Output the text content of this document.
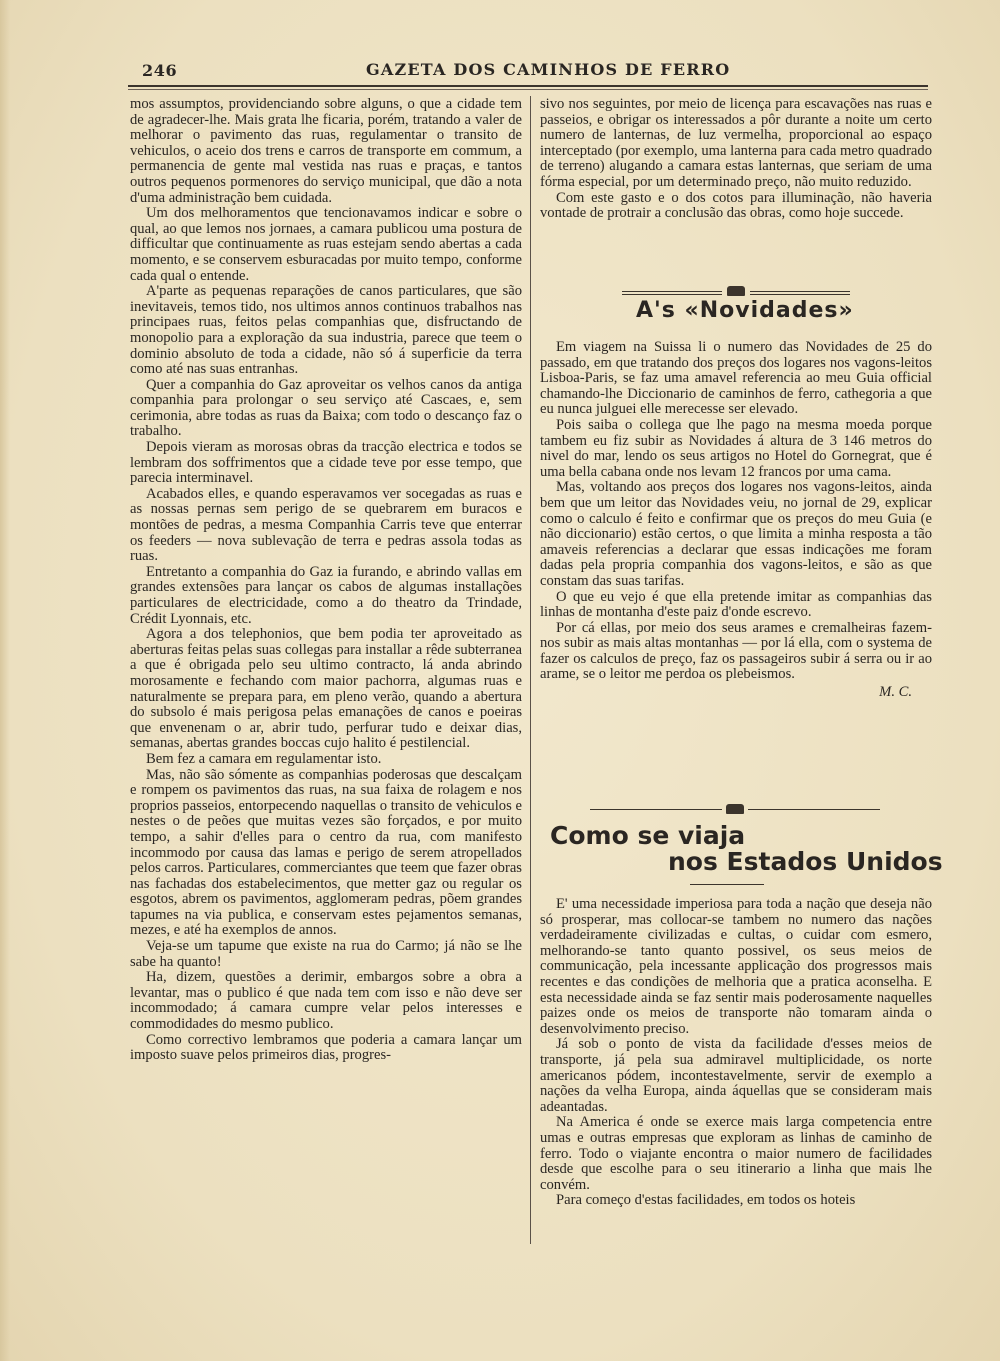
246	GAZETA DOS CAMINHOS DE FERRO

mos assumptos, providenciando sobre alguns, o que a cidade tem de agradecer-lhe. Mais grata lhe ficaria, porém, tratando a valer de melhorar o pavimento das ruas, regulamentar o transito de vehiculos, o aceio dos trens e carros de transporte em commum, a permanencia de gente mal vestida nas ruas e praças, e tantos outros pequenos pormenores do serviço municipal, que dão a nota d'uma administração bem cuidada.

Um dos melhoramentos que tencionavamos indicar e sobre o qual, ao que lemos nos jornaes, a camara publicou uma postura de difficultar que continuamente as ruas estejam sendo abertas a cada momento, e se conservem esburacadas por muito tempo, conforme cada qual o entende.

A'parte as pequenas reparações de canos particulares, que são inevitaveis, temos tido, nos ultimos annos continuos trabalhos nas principaes ruas, feitos pelas companhias que, disfructando de monopolio para a exploração da sua industria, parece que teem o dominio absoluto de toda a cidade, não só á superficie da terra como até nas suas entranhas.

Quer a companhia do Gaz aproveitar os velhos canos da antiga companhia para prolongar o seu serviço até Cascaes, e, sem cerimonia, abre todas as ruas da Baixa; com todo o descanço faz o trabalho.

Depois vieram as morosas obras da tracção electrica e todos se lembram dos soffrimentos que a cidade teve por esse tempo, que parecia interminavel.

Acabados elles, e quando esperavamos ver socegadas as ruas e as nossas pernas sem perigo de se quebrarem em buracos e montões de pedras, a mesma Companhia Carris teve que enterrar os feeders — nova sublevação de terra e pedras assola todas as ruas.

Entretanto a companhia do Gaz ia furando, e abrindo vallas em grandes extensões para lançar os cabos de algumas installações particulares de electricidade, como a do theatro da Trindade, Crédit Lyonnais, etc.

Agora a dos telephonios, que bem podia ter aproveitado as aberturas feitas pelas suas collegas para installar a rêde subterranea a que é obrigada pelo seu ultimo contracto, lá anda abrindo morosamente e fechando com maior pachorra, algumas ruas e naturalmente se prepara para, em pleno verão, quando a abertura do subsolo é mais perigosa pelas emanações de canos e poeiras que envenenam o ar, abrir tudo, perfurar tudo e deixar dias, semanas, abertas grandes boccas cujo halito é pestilencial.

Bem fez a camara em regulamentar isto.

Mas, não são sómente as companhias poderosas que descalçam e rompem os pavimentos das ruas, na sua faixa de rolagem e nos proprios passeios, entorpecendo naquellas o transito de vehiculos e nestes o de peões que muitas vezes são forçados, e por muito tempo, a sahir d'elles para o centro da rua, com manifesto incommodo por causa das lamas e perigo de serem atropellados pelos carros. Particulares, commerciantes que teem que fazer obras nas fachadas dos estabelecimentos, que metter gaz ou regular os esgotos, abrem os pavimentos, agglomeram pedras, põem grandes tapumes na via publica, e conservam estes pejamentos semanas, mezes, e até ha exemplos de annos.

Veja-se um tapume que existe na rua do Carmo; já não se lhe sabe ha quanto!

Ha, dizem, questões a derimir, embargos sobre a obra a levantar, mas o publico é que nada tem com isso e não deve ser incommodado; á camara cumpre velar pelos interesses e commodidades do mesmo publico.

Como correctivo lembramos que poderia a camara lançar um imposto suave pelos primeiros dias, progres-

sivo nos seguintes, por meio de licença para escavações nas ruas e passeios, e obrigar os interessados a pôr durante a noite um certo numero de lanternas, de luz vermelha, proporcional ao espaço interceptado (por exemplo, uma lanterna para cada metro quadrado de terreno) alugando a camara estas lanternas, que seriam de uma fórma especial, por um determinado preço, não muito reduzido.

Com este gasto e o dos cotos para illuminação, não haveria vontade de protrair a conclusão das obras, como hoje succede.

A's «Novidades»

Em viagem na Suissa li o numero das Novidades de 25 do passado, em que tratando dos preços dos logares nos vagons-leitos Lisboa-Paris, se faz uma amavel referencia ao meu Guia official chamando-lhe Diccionario de caminhos de ferro, cathegoria a que eu nunca julguei elle merecesse ser elevado.

Pois saiba o collega que lhe pago na mesma moeda porque tambem eu fiz subir as Novidades á altura de 3 146 metros do nivel do mar, lendo os seus artigos no Hotel do Gornegrat, que é uma bella cabana onde nos levam 12 francos por uma cama.

Mas, voltando aos preços dos logares nos vagons-leitos, ainda bem que um leitor das Novidades veiu, no jornal de 29, explicar como o calculo é feito e confirmar que os preços do meu Guia (e não diccionario) estão certos, o que limita a minha resposta a tão amaveis referencias a declarar que essas indicações me foram dadas pela propria companhia dos vagons-leitos, e são as que constam das suas tarifas.

O que eu vejo é que ella pretende imitar as companhias das linhas de montanha d'este paiz d'onde escrevo.

Por cá ellas, por meio dos seus arames e cremalheiras fazem-nos subir as mais altas montanhas — por lá ella, com o systema de fazer os calculos de preço, faz os passageiros subir á serra ou ir ao arame, se o leitor me perdoa os plebeismos.

M. C.
Como se viaja
nos Estados Unidos

E' uma necessidade imperiosa para toda a nação que deseja não só prosperar, mas collocar-se tambem no numero das nações verdadeiramente civilizadas e cultas, o cuidar com esmero, melhorando-se tanto quanto possivel, os seus meios de communicação, pela incessante applicação dos progressos mais recentes e das condições de melhoria que a pratica aconselha. E esta necessidade ainda se faz sentir mais poderosamente naquelles paizes onde os meios de transporte não tomaram ainda o desenvolvimento preciso.

Já sob o ponto de vista da facilidade d'esses meios de transporte, já pela sua admiravel multiplicidade, os norte americanos pódem, incontestavelmente, servir de exemplo a nações da velha Europa, ainda áquellas que se consideram mais adeantadas.

Na America é onde se exerce mais larga competencia entre umas e outras empresas que exploram as linhas de caminho de ferro. Todo o viajante encontra o maior numero de facilidades desde que escolhe para o seu itinerario a linha que mais lhe convém.

Para começo d'estas facilidades, em todos os hoteis
